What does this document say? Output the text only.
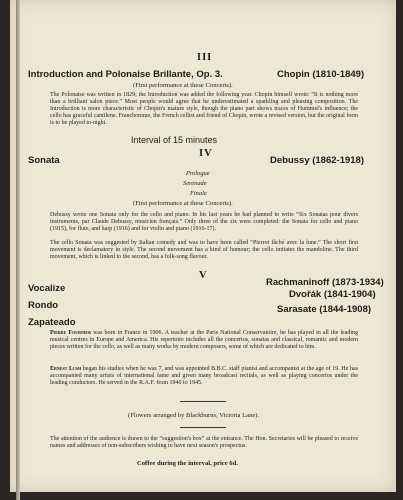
III
Introduction and Polonaise Brillante, Op. 3.	Chopin (1810-1849)
(First performance at these Concerts).
The Polonaise was written in 1829; the Introduction was added the following year. Chopin himself wrote: “It is nothing more than a brilliant salon piece.” Most people would agree that he underestimated a sparkling and pleasing composition. The Introduction is more characteristic of Chopin's mature style, though the piano part shows traces of Hummel's influence; the cello has graceful cantilene. Franchomme, the French cellist and friend of Chopin, wrote a revised version, but the original form is to be played to-night.
Interval of 15 minutes
IV
Sonata	Debussy (1862-1918)
Prologue
Serenade
Finale
(First performance at these Concerts).
Debussy wrote one Sonata only for the cello and piano. In his last years he had planned to write “Six Sonatas pour divers instruments, par Claude Debussy, musicien français.” Only three of the six were completed: the Sonata for cello and piano (1915), for flute, and harp (1916) and for violin and piano (1916-17).
The cello Sonata was suggested by Italian comedy and was to have been called “Pierrot fâché avec la lune.” The short first movement is declamatory in style. The second movement has a kind of humour; the cello imitates the mandoline. The third movement, which is linked to the second, has a folk-song flavour.
V
Vocalize
Rachmaninoff (1873-1934)
Rondo
Dvořák (1841-1904)
Zapateado
Sarasate (1844-1908)
Pierre Fournier was born in France in 1906. A teacher at the Paris National Conservatoire, he has played in all the leading musical centres in Europe and America. His repertoire includes all the concertos, sonatas and classical, romantic and modern pieces written for the cello, as well as many works by modern composers, some of which are dedicated to him.
Ernest Lush began his studies when he was 7, and was appointed B.B.C. staff pianist and accompanist at the age of 19. He has accompanied many artists of international fame and given many broadcast recitals, as well as playing concertos under the leading conductors. He served in the R.A.F. from 1940 to 1945.
(Flowers arranged by Blackburns, Victoria Lane).
The attention of the audience is drawn to the “suggestion's box” at the entrance. The Hon. Secretaries will be pleased to receive names and addresses of non-subscribers wishing to have next season's prospectus.
Coffee during the interval, price 6d.
